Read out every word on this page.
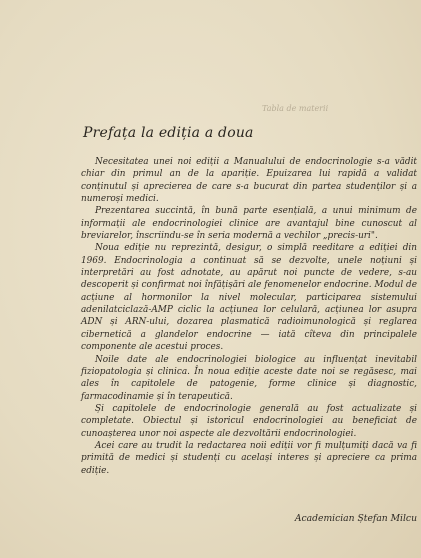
Tabla de materii
Prefața la ediția a doua

Necesitatea unei noi ediții a Manualului de endocrinologie s-a vădit chiar din primul an de la apariție. Epuizarea lui rapidă a validat conținutul și aprecierea de care s-a bucurat din partea studenților și a numeroși medici.

Prezentarea succintă, în bună parte esențială, a unui minimum de informații ale endocrinologiei clinice are avantajul bine cunoscut al breviarelor, înscriindu-se în seria modernă a vechilor „precis-uri".

Noua ediție nu reprezintă, desigur, o simplă reeditare a ediției din 1969. Endocrinologia a continuat să se dezvolte, unele noțiuni și interpretări au fost adnotate, au apărut noi puncte de vedere, s-au descoperit și confirmat noi înfățișări ale fenomenelor endocrine. Modul de acțiune al hormonilor la nivel molecular, participarea sistemului adenilatciclază-AMP ciclic la acțiunea lor celulară, acțiunea lor asupra ADN și ARN-ului, dozarea plasmatică radioimunologică și reglarea cibernetică a glandelor endocrine — iată cîteva din principalele componente ale acestui proces.

Noile date ale endocrinologiei biologice au influențat inevitabil fiziopatologia și clinica. În noua ediție aceste date noi se regăsesc, mai ales în capitolele de patogenie, forme clinice și diagnostic, farmacodinamie și în terapeutică.

Și capitolele de endocrinologie generală au fost actualizate și completate. Obiectul și istoricul endocrinologiei au beneficiat de cunoașterea unor noi aspecte ale dezvoltării endocrinologiei.

Acei care au trudit la redactarea noii ediții vor fi mulțumiți dacă va fi primită de medici și studenți cu același interes și apreciere ca prima ediție.

Academician Ștefan Milcu
